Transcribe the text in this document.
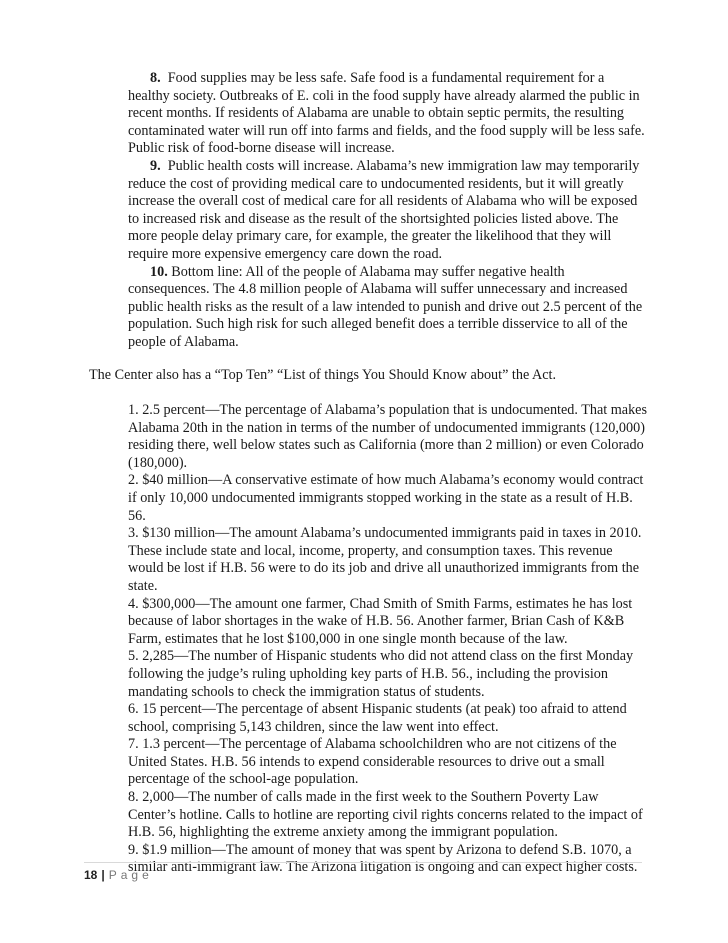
8. Food supplies may be less safe. Safe food is a fundamental requirement for a healthy society. Outbreaks of E. coli in the food supply have already alarmed the public in recent months. If residents of Alabama are unable to obtain septic permits, the resulting contaminated water will run off into farms and fields, and the food supply will be less safe. Public risk of food-borne disease will increase.

9. Public health costs will increase. Alabama’s new immigration law may temporarily reduce the cost of providing medical care to undocumented residents, but it will greatly increase the overall cost of medical care for all residents of Alabama who will be exposed to increased risk and disease as the result of the shortsighted policies listed above. The more people delay primary care, for example, the greater the likelihood that they will require more expensive emergency care down the road.

10. Bottom line: All of the people of Alabama may suffer negative health consequences. The 4.8 million people of Alabama will suffer unnecessary and increased public health risks as the result of a law intended to punish and drive out 2.5 percent of the population. Such high risk for such alleged benefit does a terrible disservice to all of the people of Alabama.

The Center also has a “Top Ten” “List of things You Should Know about” the Act.

1. 2.5 percent—The percentage of Alabama’s population that is undocumented. That makes Alabama 20th in the nation in terms of the number of undocumented immigrants (120,000) residing there, well below states such as California (more than 2 million) or even Colorado (180,000).
2. $40 million—A conservative estimate of how much Alabama’s economy would contract if only 10,000 undocumented immigrants stopped working in the state as a result of H.B. 56.
3. $130 million—The amount Alabama’s undocumented immigrants paid in taxes in 2010. These include state and local, income, property, and consumption taxes. This revenue would be lost if H.B. 56 were to do its job and drive all unauthorized immigrants from the state.
4. $300,000—The amount one farmer, Chad Smith of Smith Farms, estimates he has lost because of labor shortages in the wake of H.B. 56. Another farmer, Brian Cash of K&B Farm, estimates that he lost $100,000 in one single month because of the law.
5. 2,285—The number of Hispanic students who did not attend class on the first Monday following the judge’s ruling upholding key parts of H.B. 56., including the provision mandating schools to check the immigration status of students.
6. 15 percent—The percentage of absent Hispanic students (at peak) too afraid to attend school, comprising 5,143 children, since the law went into effect.
7. 1.3 percent—The percentage of Alabama schoolchildren who are not citizens of the United States. H.B. 56 intends to expend considerable resources to drive out a small percentage of the school-age population.
8. 2,000—The number of calls made in the first week to the Southern Poverty Law Center’s hotline. Calls to hotline are reporting civil rights concerns related to the impact of H.B. 56, highlighting the extreme anxiety among the immigrant population.
9. $1.9 million—The amount of money that was spent by Arizona to defend S.B. 1070, a similar anti-immigrant law. The Arizona litigation is ongoing and can expect higher costs.
18 | Page
